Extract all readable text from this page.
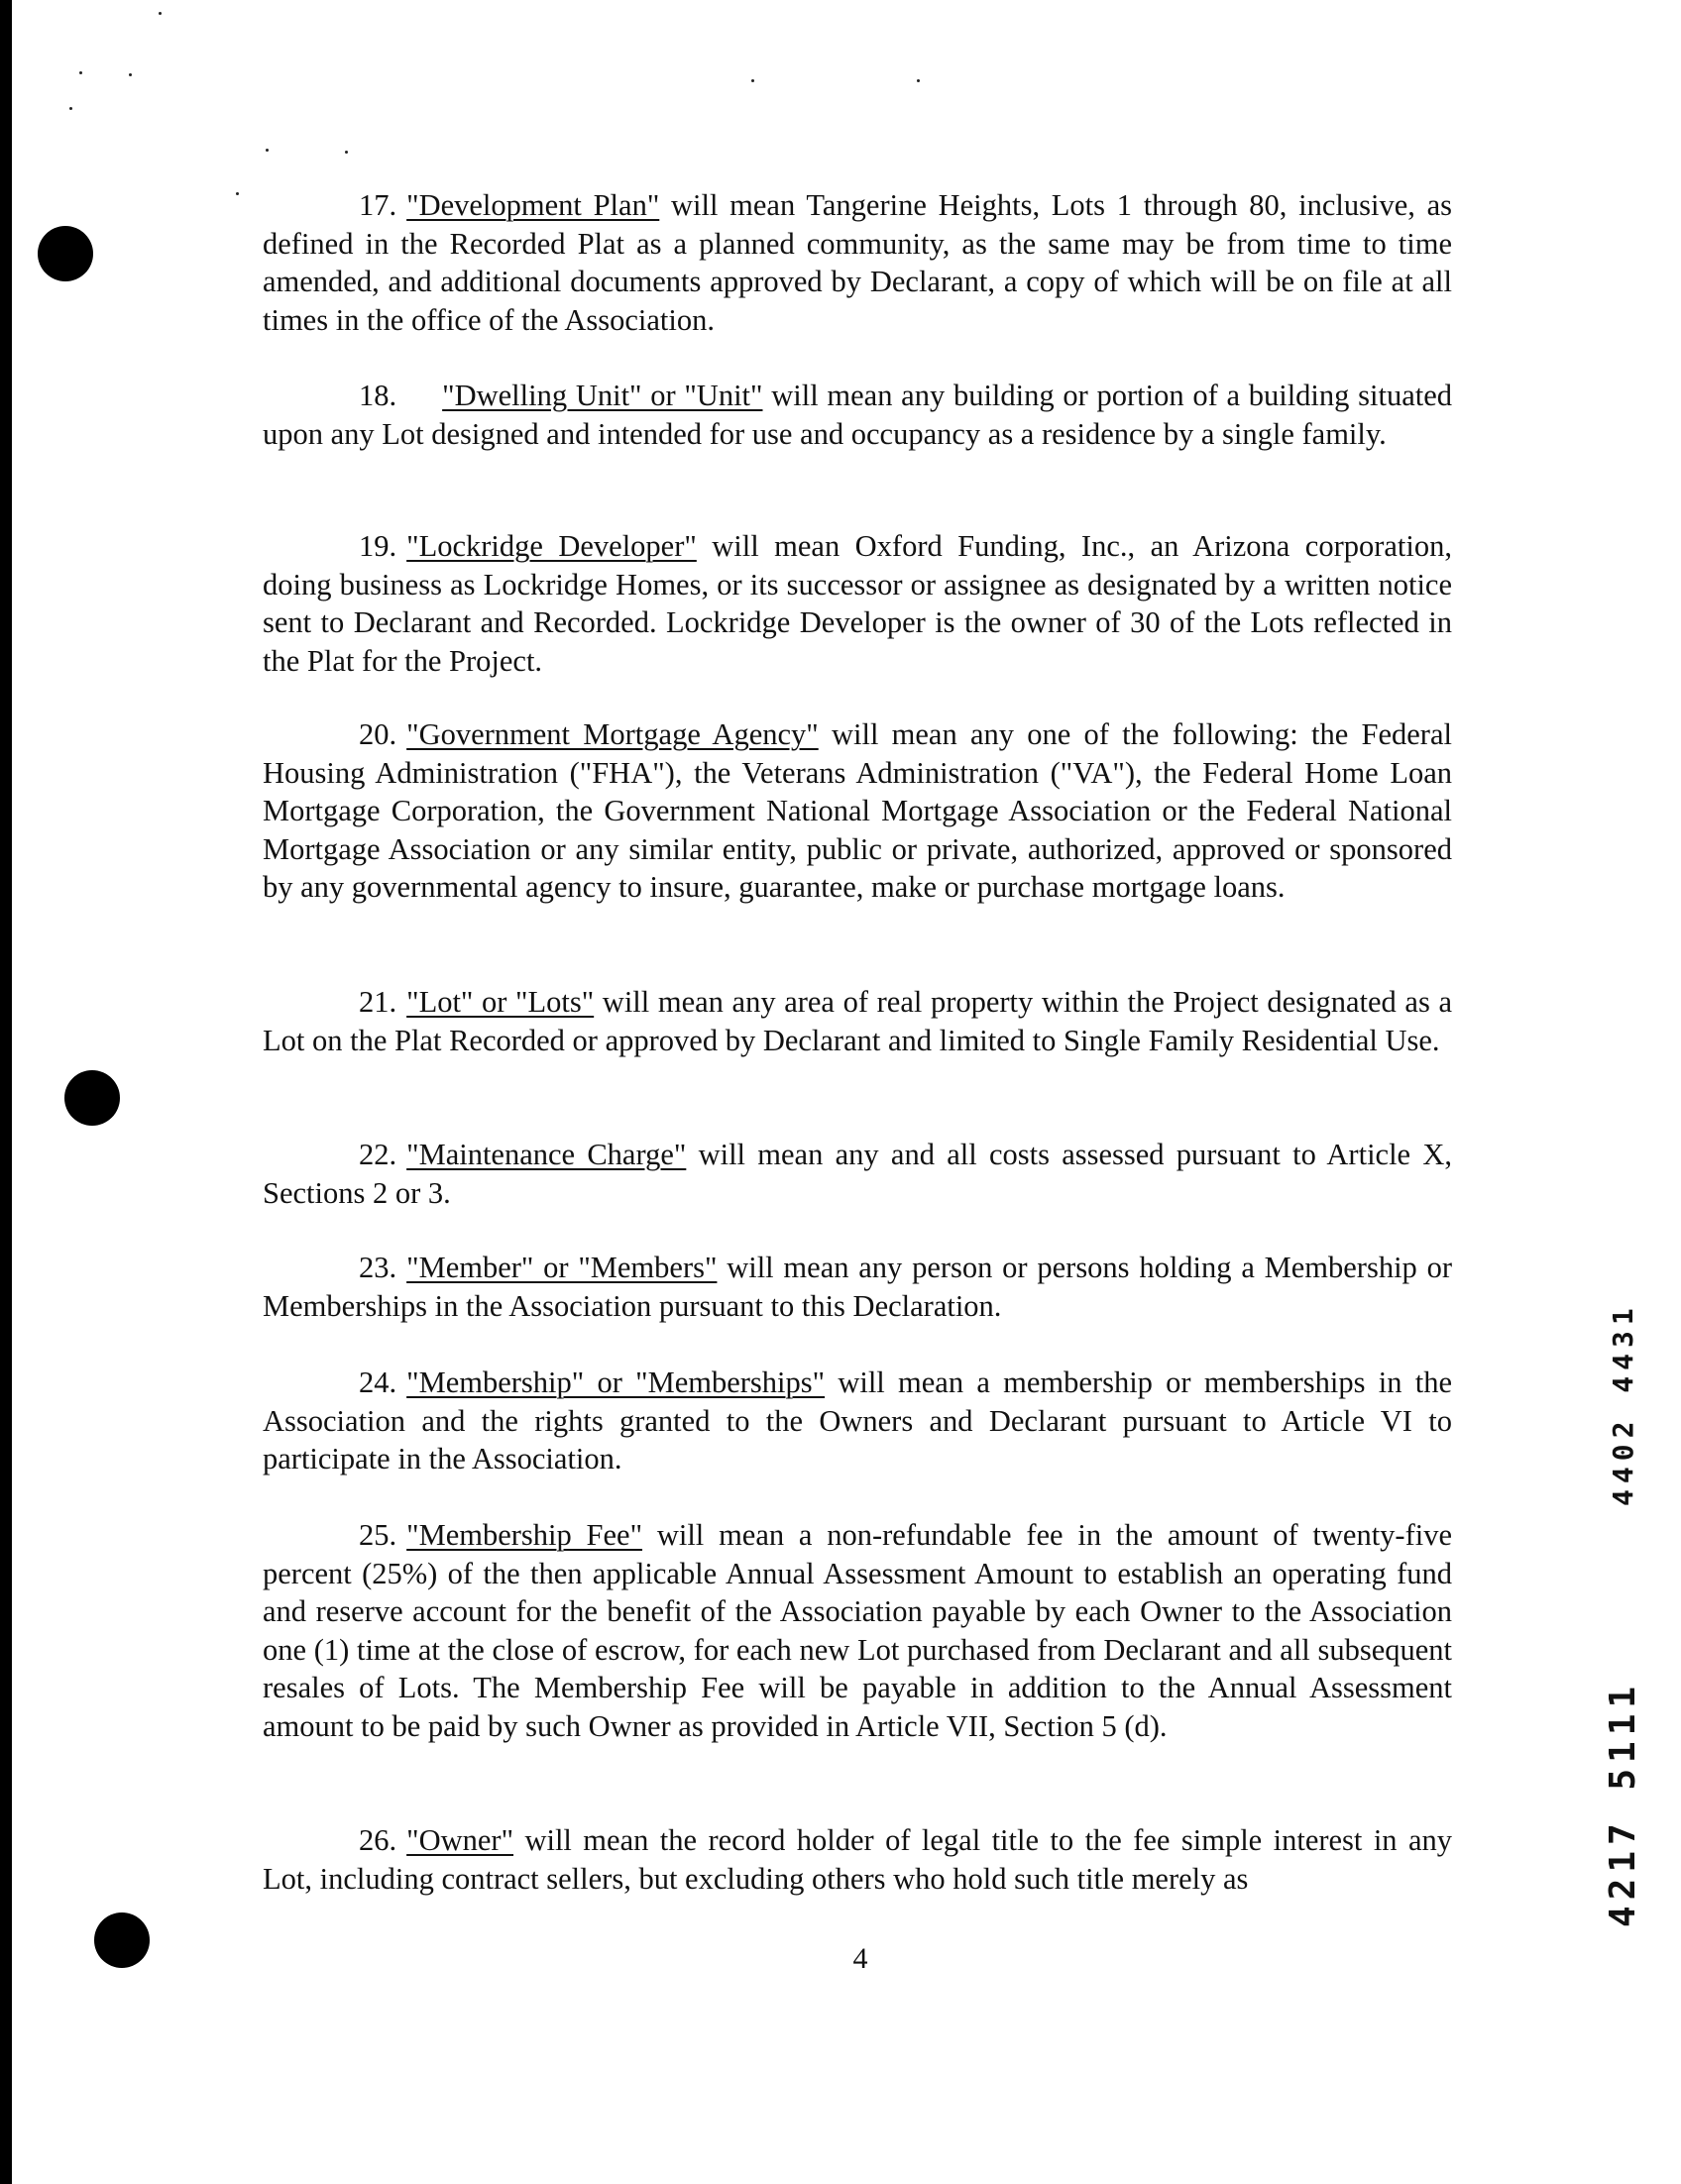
17. "Development Plan" will mean Tangerine Heights, Lots 1 through 80, inclusive, as defined in the Recorded Plat as a planned community, as the same may be from time to time amended, and additional documents approved by Declarant, a copy of which will be on file at all times in the office of the Association.

18. "Dwelling Unit" or "Unit" will mean any building or portion of a building situated upon any Lot designed and intended for use and occupancy as a residence by a single family.

19. "Lockridge Developer" will mean Oxford Funding, Inc., an Arizona corporation, doing business as Lockridge Homes, or its successor or assignee as designated by a written notice sent to Declarant and Recorded. Lockridge Developer is the owner of 30 of the Lots reflected in the Plat for the Project.

20. "Government Mortgage Agency" will mean any one of the following: the Federal Housing Administration ("FHA"), the Veterans Administration ("VA"), the Federal Home Loan Mortgage Corporation, the Government National Mortgage Association or the Federal National Mortgage Association or any similar entity, public or private, authorized, approved or sponsored by any governmental agency to insure, guarantee, make or purchase mortgage loans.

21. "Lot" or "Lots" will mean any area of real property within the Project designated as a Lot on the Plat Recorded or approved by Declarant and limited to Single Family Residential Use.

22. "Maintenance Charge" will mean any and all costs assessed pursuant to Article X, Sections 2 or 3.

23. "Member" or "Members" will mean any person or persons holding a Membership or Memberships in the Association pursuant to this Declaration.

24. "Membership" or "Memberships" will mean a membership or memberships in the Association and the rights granted to the Owners and Declarant pursuant to Article VI to participate in the Association.

25. "Membership Fee" will mean a non-refundable fee in the amount of twenty-five percent (25%) of the then applicable Annual Assessment Amount to establish an operating fund and reserve account for the benefit of the Association payable by each Owner to the Association one (1) time at the close of escrow, for each new Lot purchased from Declarant and all subsequent resales of Lots. The Membership Fee will be payable in addition to the Annual Assessment amount to be paid by such Owner as provided in Article VII, Section 5 (d).

26. "Owner" will mean the record holder of legal title to the fee simple interest in any Lot, including contract sellers, but excluding others who hold such title merely as

4
4402 4431
4217 5111
